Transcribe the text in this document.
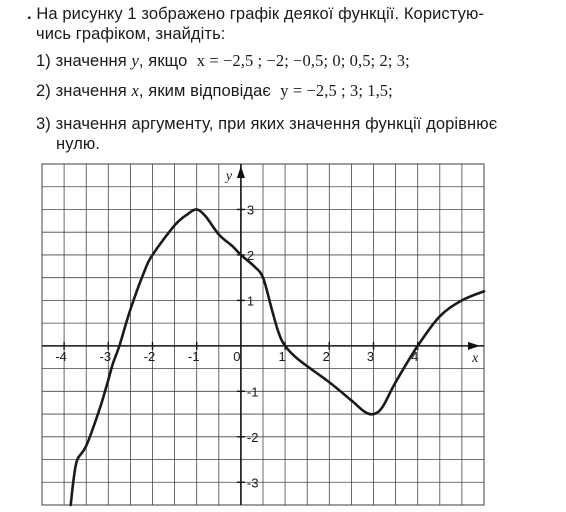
. На рисунку 1 зображено графік деякої функції. Користую-
чись графіком, знайдіть:
1) значення y, якщо x = −2,5 ; −2; −0,5; 0; 0,5; 2; 3;
2) значення x, яким відповідає y = −2,5 ; 3; 1,5;
3) значення аргументу, при яких значення функції дорівнює
нулю.
x
y
-4	-3	-2	-1	0	1	2	3	4
3
2
1
-1
-2
-3
